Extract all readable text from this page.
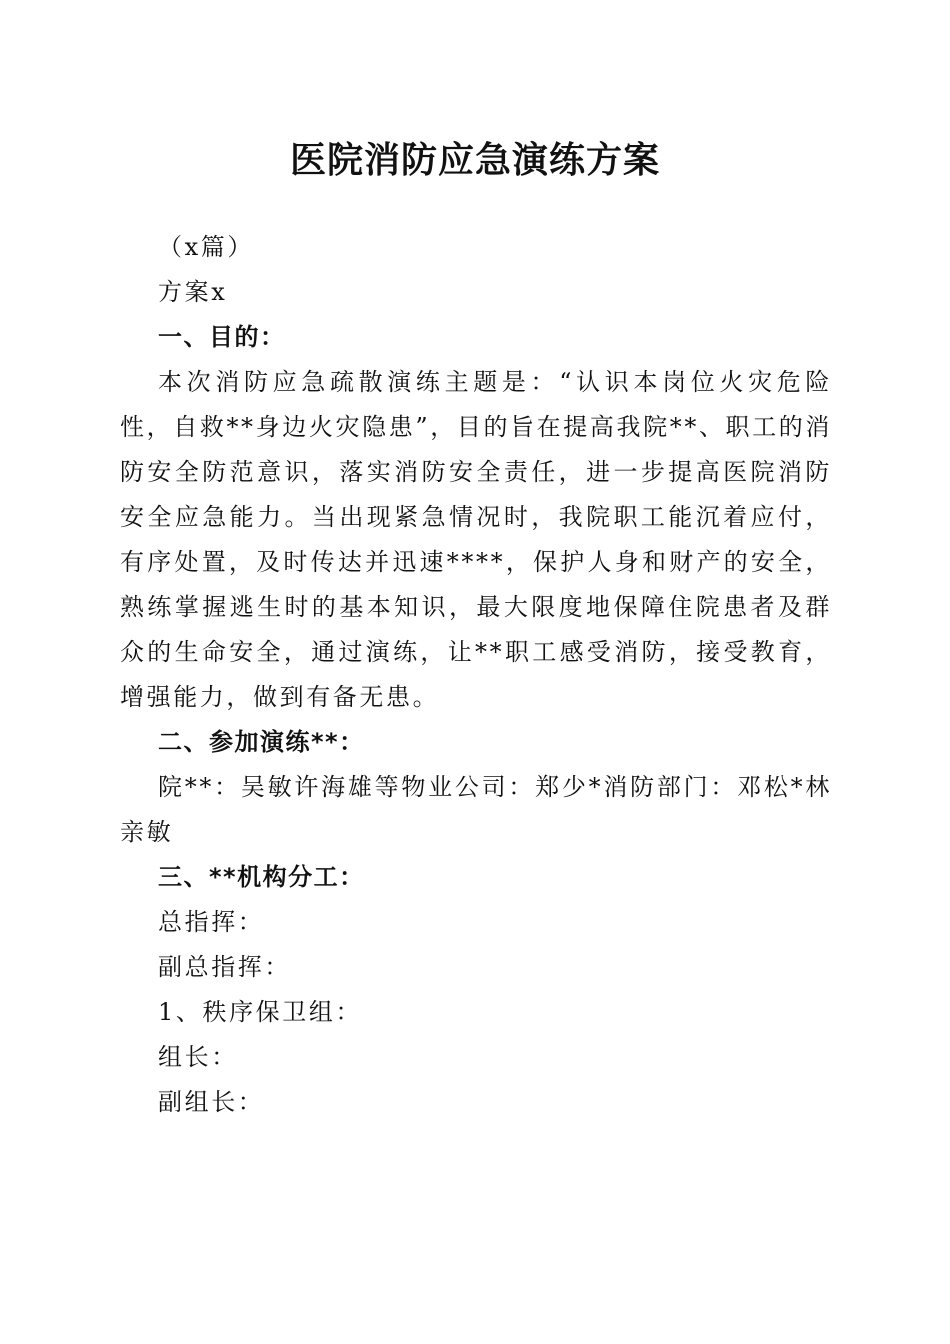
医院消防应急演练方案

（x篇）

方案x

一、目的：

本次消防应急疏散演练主题是：“认识本岗位火灾危险性，自救**身边火灾隐患”，目的旨在提高我院**、职工的消防安全防范意识，落实消防安全责任，进一步提高医院消防安全应急能力。当出现紧急情况时，我院职工能沉着应付，有序处置，及时传达并迅速****，保护人身和财产的安全，熟练掌握逃生时的基本知识，最大限度地保障住院患者及群众的生命安全，通过演练，让**职工感受消防，接受教育，增强能力，做到有备无患。

二、参加演练**：

院**：吴敏许海雄等物业公司：郑少*消防部门：邓松*林亲敏

三、**机构分工：

总指挥：

副总指挥：

1、秩序保卫组：

组长：

副组长：
